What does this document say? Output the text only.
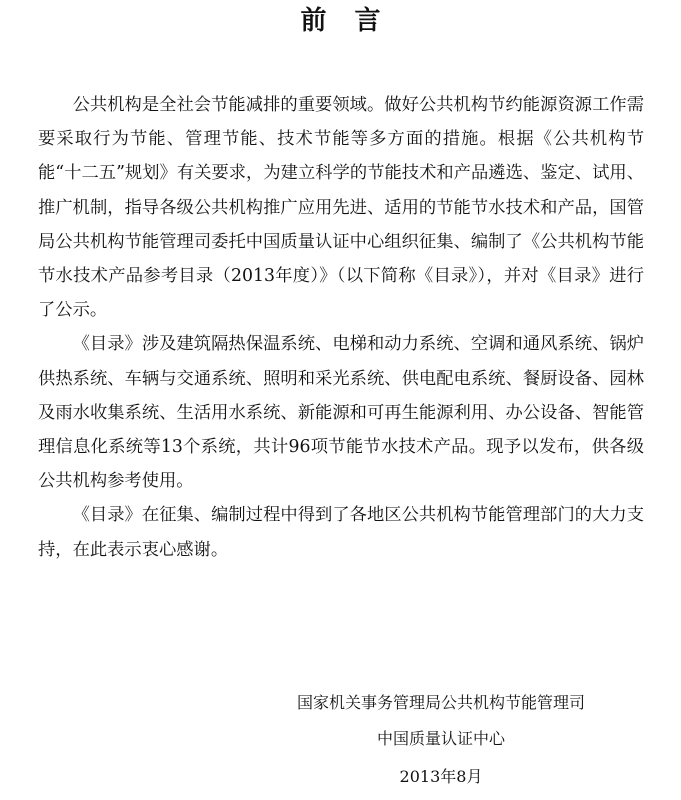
前言

公共机构是全社会节能减排的重要领域。做好公共机构节约能源资源工作需要采取行为节能、管理节能、技术节能等多方面的措施。根据《公共机构节能“十二五”规划》有关要求，为建立科学的节能技术和产品遴选、鉴定、试用、推广机制，指导各级公共机构推广应用先进、适用的节能节水技术和产品，国管局公共机构节能管理司委托中国质量认证中心组织征集、编制了《公共机构节能节水技术产品参考目录（2013年度）》（以下简称《目录》），并对《目录》进行了公示。

《目录》涉及建筑隔热保温系统、电梯和动力系统、空调和通风系统、锅炉供热系统、车辆与交通系统、照明和采光系统、供电配电系统、餐厨设备、园林及雨水收集系统、生活用水系统、新能源和可再生能源利用、办公设备、智能管理信息化系统等13个系统，共计96项节能节水技术产品。现予以发布，供各级公共机构参考使用。

《目录》在征集、编制过程中得到了各地区公共机构节能管理部门的大力支持，在此表示衷心感谢。

国家机关事务管理局公共机构节能管理司
中国质量认证中心
2013年8月
